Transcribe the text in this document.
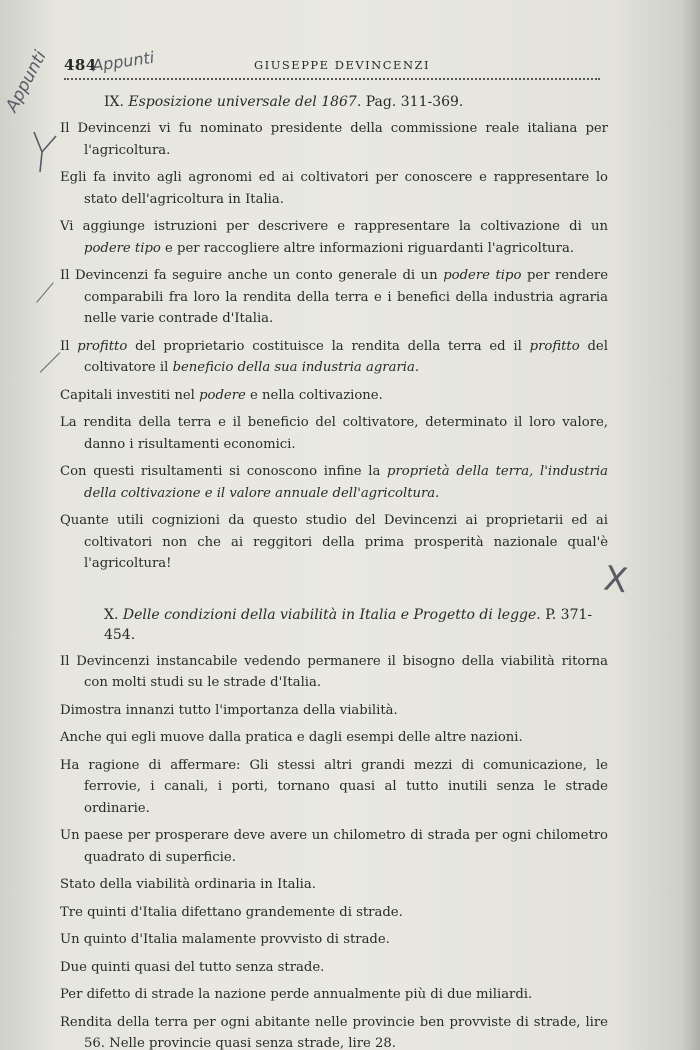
484	GIUSEPPE DEVINCENZI
Appunti
Appunti
X
IX. Esposizione universale del 1867. Pag. 311-369.

Il Devincenzi vi fu nominato presidente della commissione reale italiana per l'agricoltura.

Egli fa invito agli agronomi ed ai coltivatori per conoscere e rappresentare lo stato dell'agricoltura in Italia.

Vi aggiunge istruzioni per descrivere e rappresentare la coltivazione di un podere tipo e per raccogliere altre informazioni riguardanti l'agricoltura.

Il Devincenzi fa seguire anche un conto generale di un podere tipo per rendere comparabili fra loro la rendita della terra e i benefici della industria agraria nelle varie contrade d'Italia.

Il profitto del proprietario costituisce la rendita della terra ed il profitto del coltivatore il beneficio della sua industria agraria.

Capitali investiti nel podere e nella coltivazione.

La rendita della terra e il beneficio del coltivatore, determinato il loro valore, danno i risultamenti economici.

Con questi risultamenti si conoscono infine la proprietà della terra, l'industria della coltivazione e il valore annuale dell'agricoltura.

Quante utili cognizioni da questo studio del Devincenzi ai proprietarii ed ai coltivatori non che ai reggitori della prima prosperità nazionale qual'è l'agricoltura!

X. Delle condizioni della viabilità in Italia e Progetto di legge. P. 371-454.

Il Devincenzi instancabile vedendo permanere il bisogno della viabilità ritorna con molti studi su le strade d'Italia.

Dimostra innanzi tutto l'importanza della viabilità.

Anche qui egli muove dalla pratica e dagli esempi delle altre nazioni.

Ha ragione di affermare: Gli stessi altri grandi mezzi di comunicazione, le ferrovie, i canali, i porti, tornano quasi al tutto inutili senza le strade ordinarie.

Un paese per prosperare deve avere un chilometro di strada per ogni chilometro quadrato di superficie.

Stato della viabilità ordinaria in Italia.

Tre quinti d'Italia difettano grandemente di strade.

Un quinto d'Italia malamente provvisto di strade.

Due quinti quasi del tutto senza strade.

Per difetto di strade la nazione perde annualmente più di due miliardi.

Rendita della terra per ogni abitante nelle provincie ben provviste di strade, lire 56. Nelle provincie quasi senza strade, lire 28.
